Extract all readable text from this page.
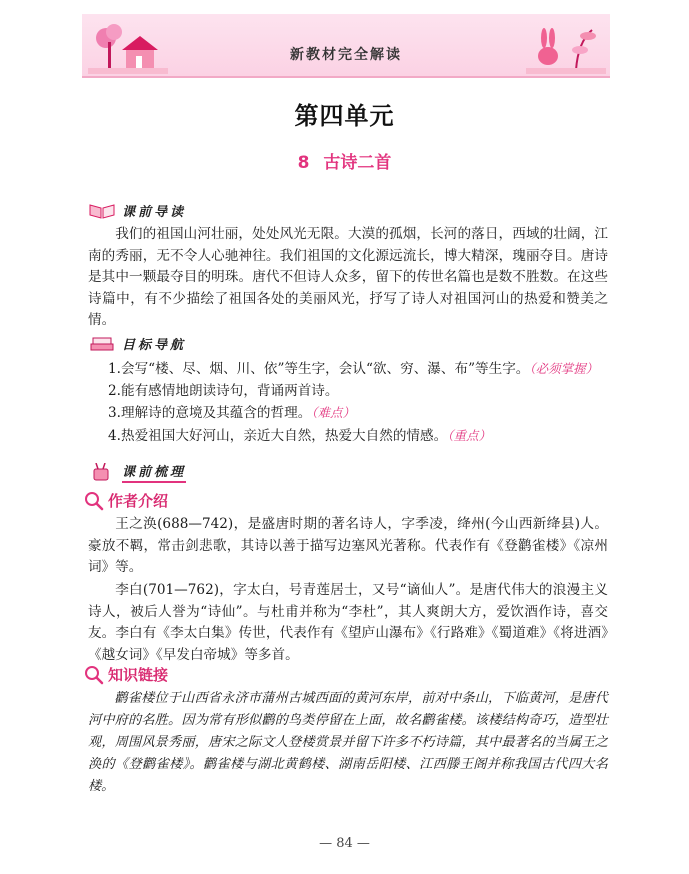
新教材完全解读
第四单元
8 古诗二首
课前导读

我们的祖国山河壮丽，处处风光无限。大漠的孤烟，长河的落日，西域的壮阔，江南的秀丽，无不令人心驰神往。我们祖国的文化源远流长，博大精深，瑰丽夺目。唐诗是其中一颗最夺目的明珠。唐代不但诗人众多，留下的传世名篇也是数不胜数。在这些诗篇中，有不少描绘了祖国各处的美丽风光，抒写了诗人对祖国河山的热爱和赞美之情。

目标导航

1.会写“楼、尽、烟、川、依”等生字，会认“欲、穷、瀑、布”等生字。（必须掌握）

2.能有感情地朗读诗句，背诵两首诗。

3.理解诗的意境及其蕴含的哲理。（难点）

4.热爱祖国大好河山，亲近大自然，热爱大自然的情感。（重点）

课前梳理
作者介绍

王之涣(688—742)，是盛唐时期的著名诗人，字季凌，绛州(今山西新绛县)人。豪放不羁，常击剑悲歌，其诗以善于描写边塞风光著称。代表作有《登鹳雀楼》《凉州词》等。

李白(701—762)，字太白，号青莲居士，又号“谪仙人”。是唐代伟大的浪漫主义诗人，被后人誉为“诗仙”。与杜甫并称为“李杜”，其人爽朗大方，爱饮酒作诗，喜交友。李白有《李太白集》传世，代表作有《望庐山瀑布》《行路难》《蜀道难》《将进酒》《越女词》《早发白帝城》等多首。

知识链接

鹳雀楼位于山西省永济市蒲州古城西面的黄河东岸，前对中条山，下临黄河，是唐代河中府的名胜。因为常有形似鹳的鸟类停留在上面，故名鹳雀楼。该楼结构奇巧，造型壮观，周围风景秀丽，唐宋之际文人登楼赏景并留下许多不朽诗篇，其中最著名的当属王之涣的《登鹳雀楼》。鹳雀楼与湖北黄鹤楼、湖南岳阳楼、江西滕王阁并称我国古代四大名楼。

— 84 —
